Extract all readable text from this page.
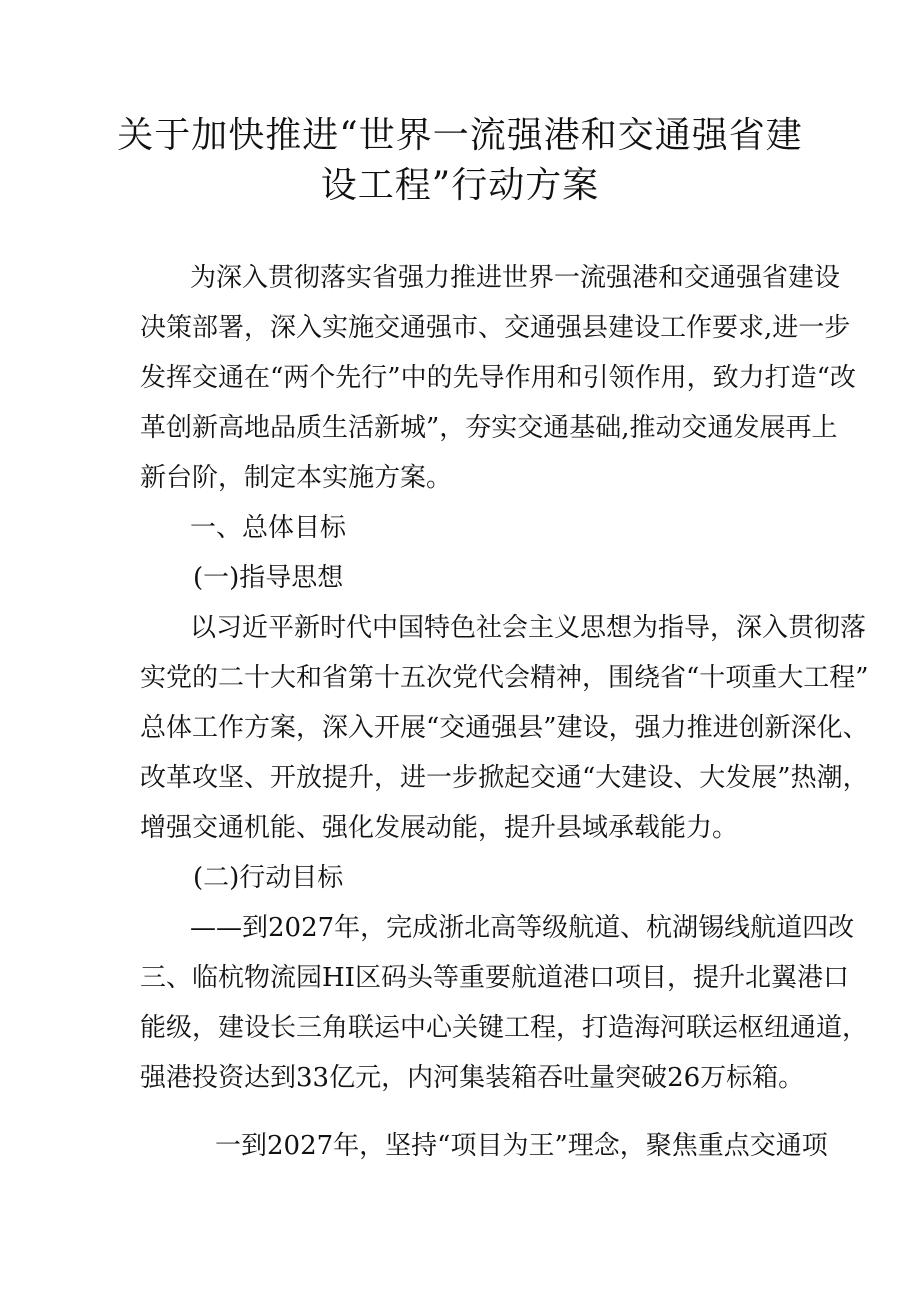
关于加快推进“世界一流强港和交通强省建
设工程”行动方案
为深入贯彻落实省强力推进世界一流强港和交通强省建设
决策部署，深入实施交通强市、交通强县建设工作要求,进一步
发挥交通在“两个先行”中的先导作用和引领作用，致力打造“改
革创新高地品质生活新城”，夯实交通基础,推动交通发展再上
新台阶，制定本实施方案。
一、总体目标
(一)指导思想
以习近平新时代中国特色社会主义思想为指导，深入贯彻落
实党的二十大和省第十五次党代会精神，围绕省“十项重大工程”
总体工作方案，深入开展“交通强县”建设，强力推进创新深化、
改革攻坚、开放提升，进一步掀起交通“大建设、大发展”热潮，
增强交通机能、强化发展动能，提升县域承载能力。
(二)行动目标
——到2027年，完成浙北高等级航道、杭湖锡线航道四改
三、临杭物流园HI区码头等重要航道港口项目，提升北翼港口
能级，建设长三角联运中心关键工程，打造海河联运枢纽通道，
强港投资达到33亿元，内河集装箱吞吐量突破26万标箱。
一到2027年，坚持“项目为王”理念，聚焦重点交通项
